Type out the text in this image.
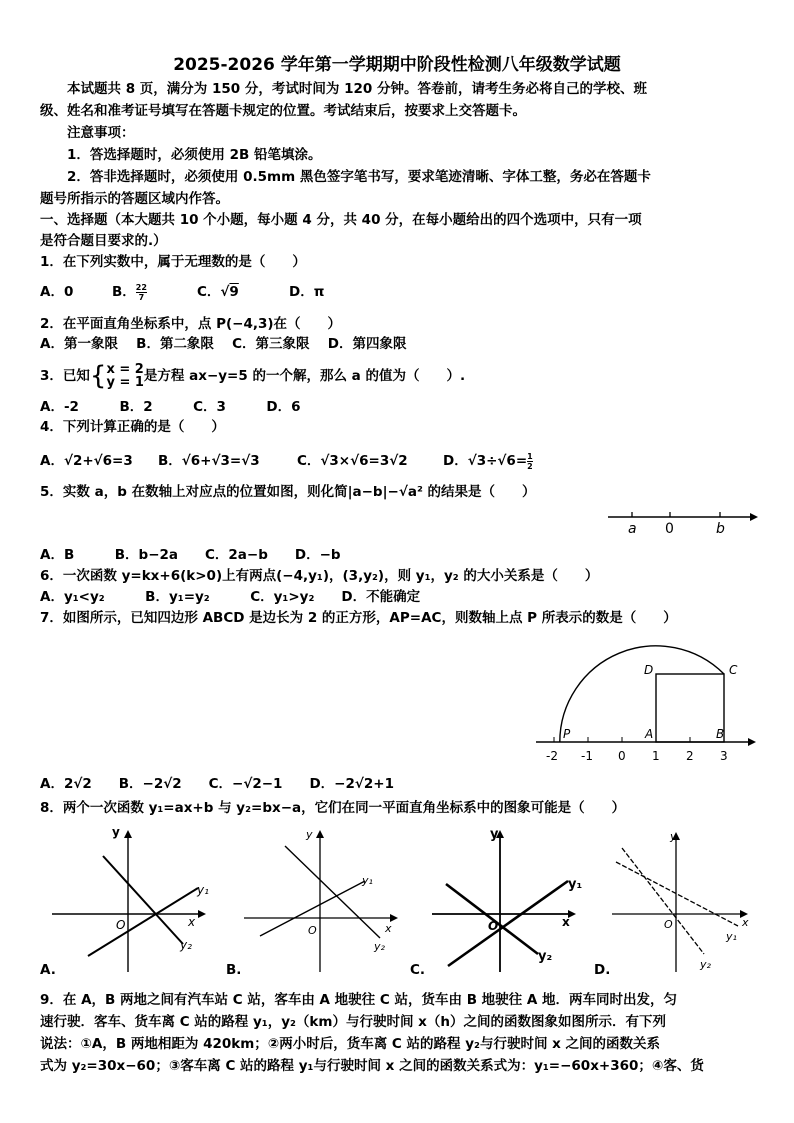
2025-2026 学年第一学期期中阶段性检测八年级数学试题
本试题共 8 页，满分为 150 分，考试时间为 120 分钟。答卷前，请考生务必将自己的学校、班
级、姓名和准考证号填写在答题卡规定的位置。考试结束后，按要求上交答题卡。
注意事项：
1．答选择题时，必须使用 2B 铅笔填涂。
2．答非选择题时，必须使用 0.5mm 黑色签字笔书写，要求笔迹清晰、字体工整，务必在答题卡
题号所指示的答题区域内作答。
一、选择题（本大题共 10 个小题，每小题 4 分，共 40 分，在每小题给出的四个选项中，只有一项
是符合题目要求的.）
1．在下列实数中，属于无理数的是（　　）
A．0	B． $\frac{22}{7}$	C．√9	D．π
2．在平面直角坐标系中，点 P(−4,3)在（　　）
A．第一象限　 B．第二象限　 C．第三象限　 D．第四象限
3．已知{ x = 2
y = 1 是方程 ax−y=5 的一个解，那么 a 的值为（　　）.
A．-2　　　B．2　　　C．3　　　D．6
4．下列计算正确的是（　　）
A．√2+√6=3 B．√6+√3=√3	C．√3×√6=3√2	D．$√3\div√6= \frac{1}{2}$
5．实数 a，b 在数轴上对应点的位置如图，则化简|a−b|−√a² 的结果是（　　）
a 0	b
A．B　　　B．b−2a　　C．2a−b　　D．−b
6．一次函数 y=kx+6(k>0)上有两点(−4,y₁)，(3,y₂)，则 y₁，y₂ 的大小关系是（　　）
A．y₁<y₂　　　B．y₁=y₂　　　C．y₁>y₂　　D．不能确定
7．如图所示，已知四边形 ABCD 是边长为 2 的正方形，AP=AC，则数轴上点 P 所表示的数是（　　）
-2 -1 0 1 2 3
P	A	B
C
D
A．2√2　　B．−2√2　　C．−√2−1　　D．−2√2+1
8．两个一次函数 y₁=ax+b 与 y₂=bx−a，它们在同一平面直角坐标系中的图象可能是（　　）
y
x
O
y₁
y₂
A.
y
x
O
y₁
y₂
B.
y
x
O
y₁
y₂
C.
y
x
O
y₁
y₂
D.
9．在 A，B 两地之间有汽车站 C 站，客车由 A 地驶往 C 站，货车由 B 地驶往 A 地．两车同时出发，匀
速行驶．客车、货车离 C 站的路程 y₁，y₂（km）与行驶时间 x（h）之间的函数图象如图所示．有下列
说法：①A，B 两地相距为 420km；②两小时后，货车离 C 站的路程 y₂与行驶时间 x 之间的函数关系
式为 y₂=30x−60；③客车离 C 站的路程 y₁与行驶时间 x 之间的函数关系式为：y₁=−60x+360；④客、货
